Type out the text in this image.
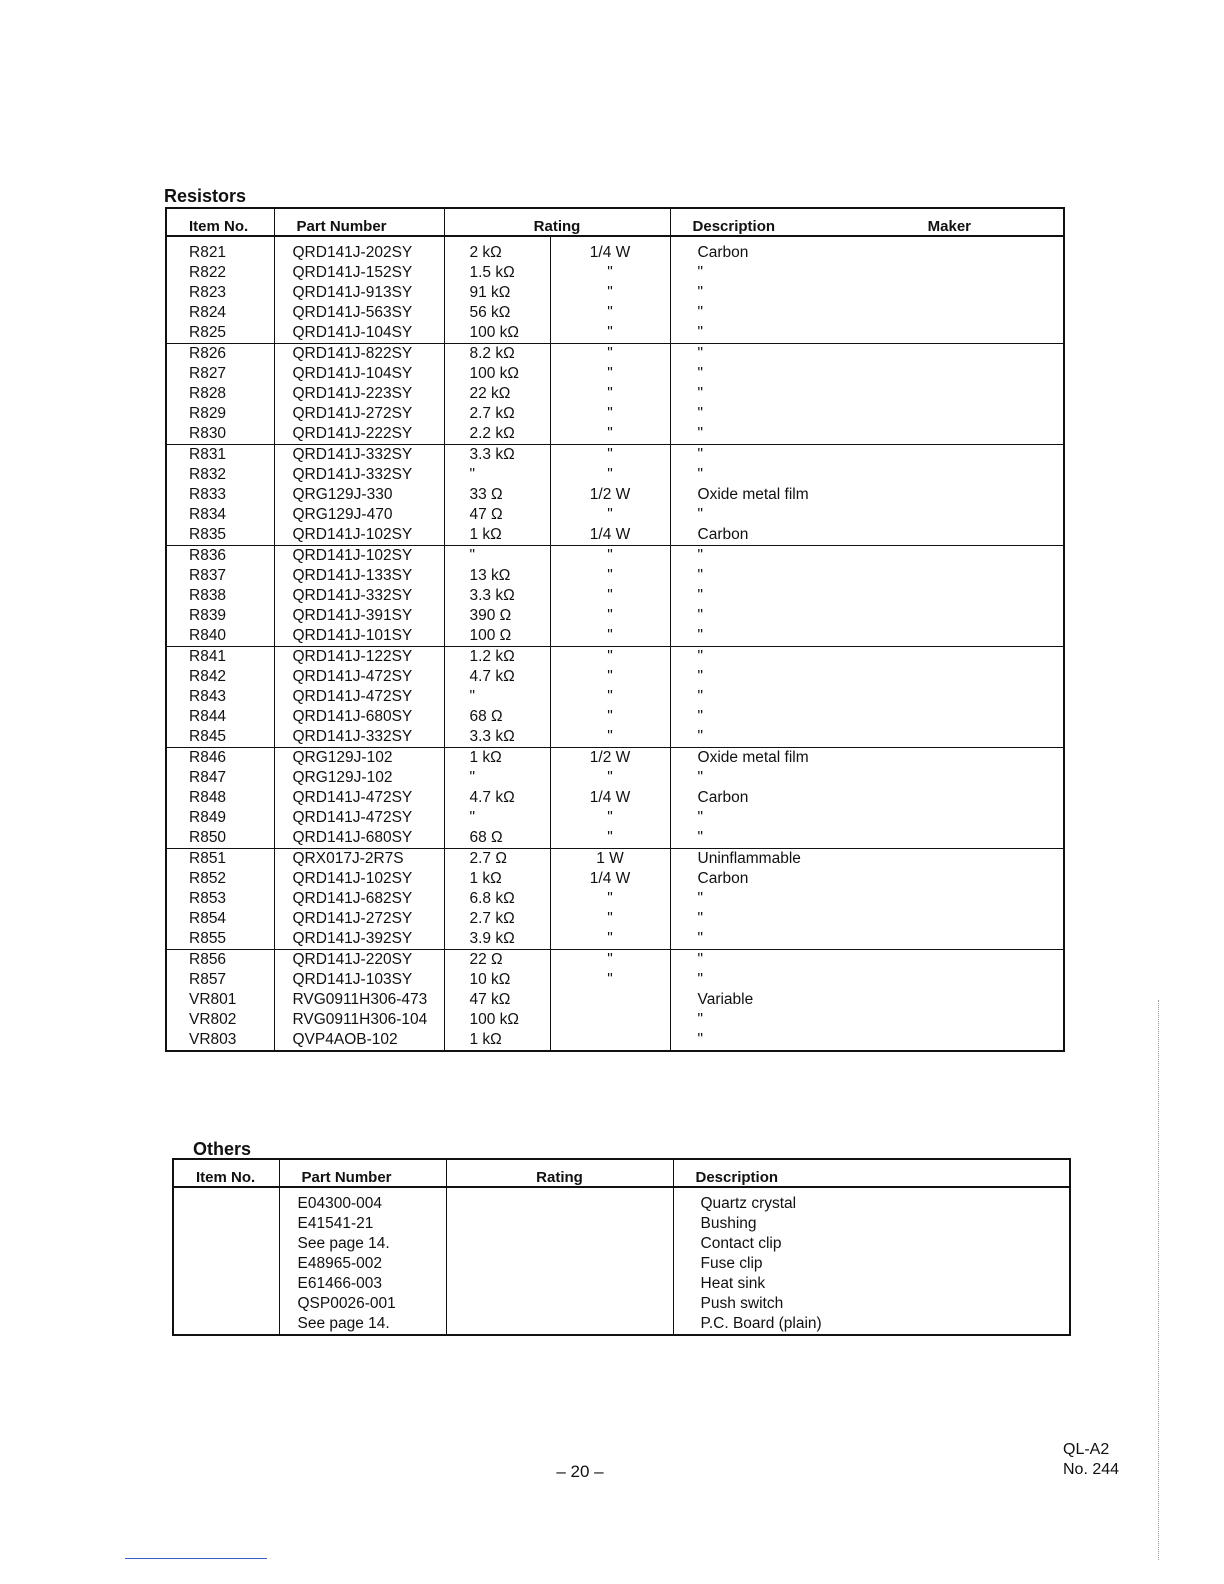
Resistors
Item No.	Part Number	Rating		Description Maker

R821	QRD141J-202SY	2 kΩ	1/4 W	Carbon
R822	QRD141J-152SY	1.5 kΩ	"	"
R823	QRD141J-913SY	91 kΩ	"	"
R824	QRD141J-563SY	56 kΩ	"	"
R825	QRD141J-104SY	100 kΩ	"	"
R826	QRD141J-822SY	8.2 kΩ	"	"
R827	QRD141J-104SY	100 kΩ	"	"
R828	QRD141J-223SY	22 kΩ	"	"
R829	QRD141J-272SY	2.7 kΩ	"	"
R830	QRD141J-222SY	2.2 kΩ	"	"
R831	QRD141J-332SY	3.3 kΩ	"	"
R832	QRD141J-332SY	"	"	"
R833	QRG129J-330	33 Ω	1/2 W	Oxide metal film
R834	QRG129J-470	47 Ω	"	"
R835	QRD141J-102SY	1 kΩ	1/4 W	Carbon
R836	QRD141J-102SY	"	"	"
R837	QRD141J-133SY	13 kΩ	"	"
R838	QRD141J-332SY	3.3 kΩ	"	"
R839	QRD141J-391SY	390 Ω	"	"
R840	QRD141J-101SY	100 Ω	"	"
R841	QRD141J-122SY	1.2 kΩ	"	"
R842	QRD141J-472SY	4.7 kΩ	"	"
R843	QRD141J-472SY	"	"	"
R844	QRD141J-680SY	68 Ω	"	"
R845	QRD141J-332SY	3.3 kΩ	"	"
R846	QRG129J-102	1 kΩ	1/2 W	Oxide metal film
R847	QRG129J-102	"	"	"
R848	QRD141J-472SY	4.7 kΩ	1/4 W	Carbon
R849	QRD141J-472SY	"	"	"
R850	QRD141J-680SY	68 Ω	"	"
R851	QRX017J-2R7S	2.7 Ω	1 W	Uninflammable
R852	QRD141J-102SY	1 kΩ	1/4 W	Carbon
R853	QRD141J-682SY	6.8 kΩ	"	"
R854	QRD141J-272SY	2.7 kΩ	"	"
R855	QRD141J-392SY	3.9 kΩ	"	"
R856	QRD141J-220SY	22 Ω	"	"
R857	QRD141J-103SY	10 kΩ	"	"
VR801	RVG0911H306-473	47 kΩ		Variable
VR802	RVG0911H306-104	100 kΩ		"
VR803	QVP4AOB-102	1 kΩ		"
Others
Item No.	Part Number	Rating	Description
	E04300-004		Quartz crystal
	E41541-21		Bushing
	See page 14.		Contact clip
	E48965-002		Fuse clip
	E61466-003		Heat sink
	QSP0026-001		Push switch
	See page 14.		P.C. Board (plain)
– 20 –
QL-A2
No. 244
